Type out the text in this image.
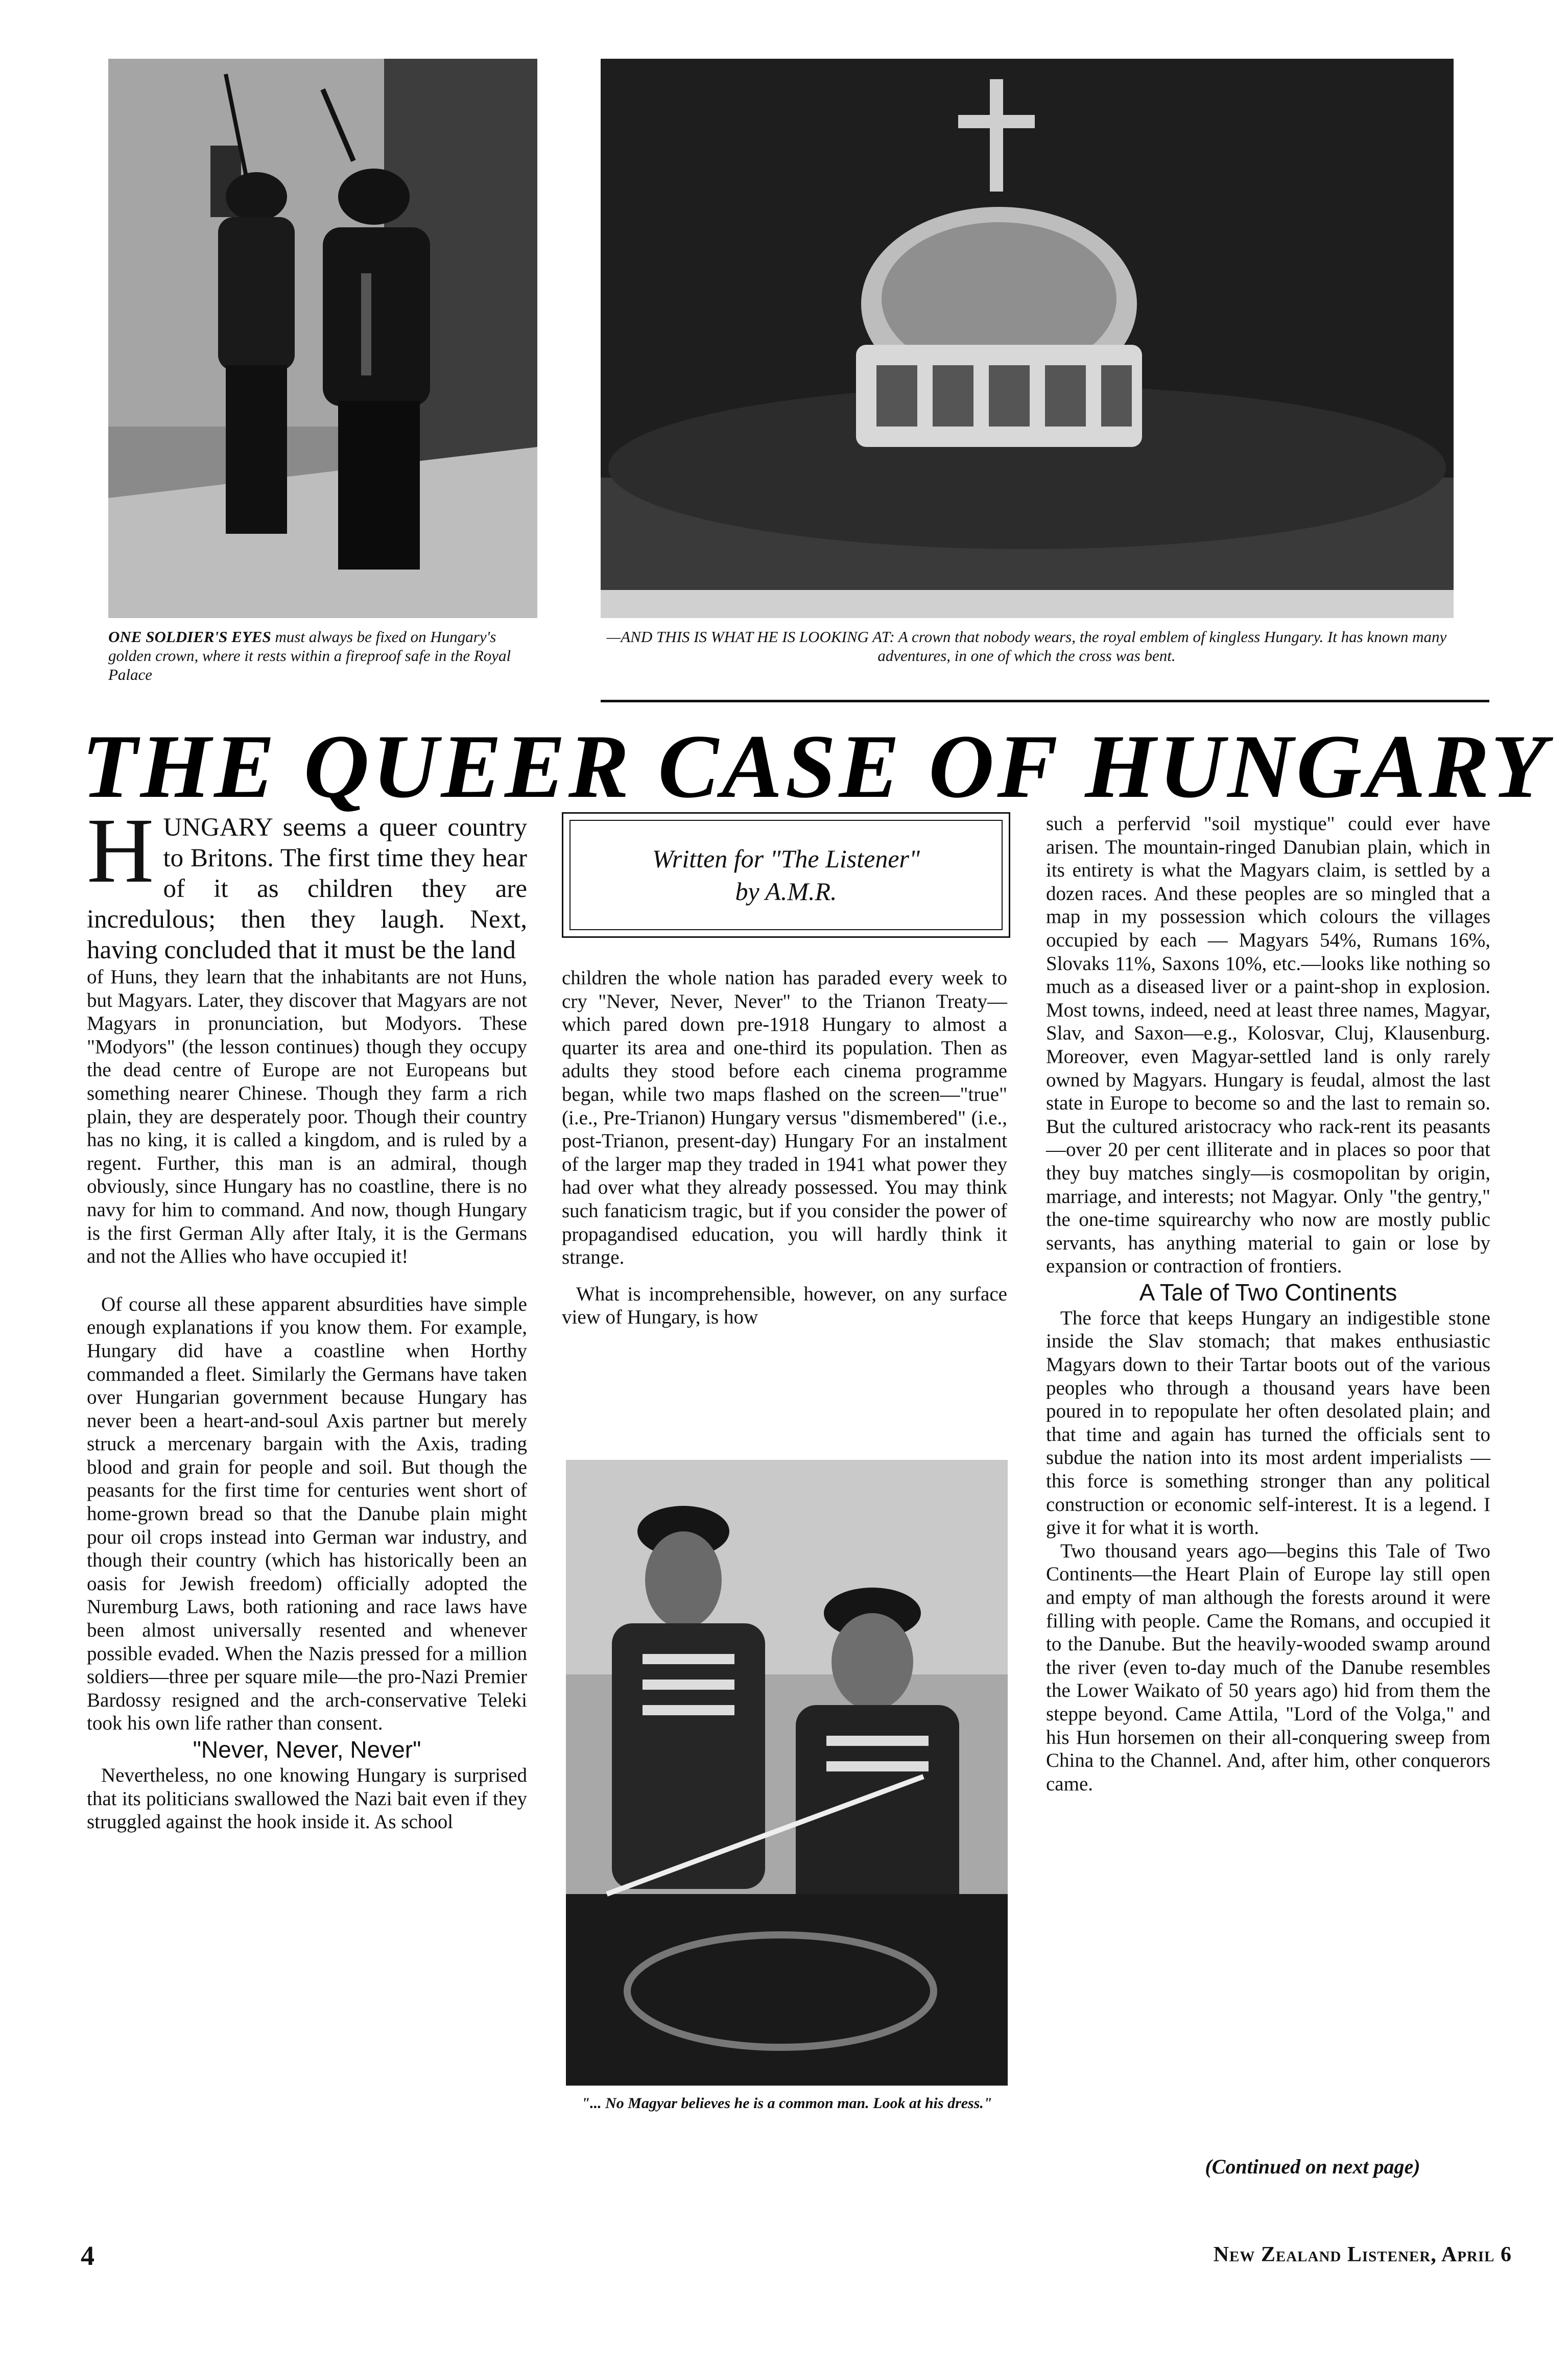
ONE SOLDIER'S EYES must always be fixed on Hungary's golden crown, where it rests within a fireproof safe in the Royal Palace
—AND THIS IS WHAT HE IS LOOKING AT: A crown that nobody wears, the royal emblem of kingless Hungary. It has known many adventures, in one of which the cross was bent.
THE QUEER CASE OF HUNGARY

HUNGARY seems a queer country to Britons. The first time they hear of it as children they are incredulous; then they laugh. Next, having concluded that it must be the land

of Huns, they learn that the inhabitants are not Huns, but Magyars. Later, they discover that Magyars are not Magyars in pronunciation, but Modyors. These "Modyors" (the lesson continues) though they occupy the dead centre of Europe are not Europeans but something nearer Chinese. Though they farm a rich plain, they are desperately poor. Though their country has no king, it is called a kingdom, and is ruled by a regent. Further, this man is an admiral, though obviously, since Hungary has no coastline, there is no navy for him to command. And now, though Hungary is the first German Ally after Italy, it is the Germans and not the Allies who have occupied it!

Of course all these apparent absurdities have simple enough explanations if you know them. For example, Hungary did have a coastline when Horthy commanded a fleet. Similarly the Germans have taken over Hungarian government because Hungary has never been a heart-and-soul Axis partner but merely struck a mercenary bargain with the Axis, trading blood and grain for people and soil. But though the peasants for the first time for centuries went short of home-grown bread so that the Danube plain might pour oil crops instead into German war industry, and though their country (which has historically been an oasis for Jewish freedom) officially adopted the Nuremburg Laws, both rationing and race laws have been almost universally resented and whenever possible evaded. When the Nazis pressed for a million soldiers—three per square mile—the pro-Nazi Premier Bardossy resigned and the arch-conservative Teleki took his own life rather than consent.

"Never, Never, Never"

Nevertheless, no one knowing Hungary is surprised that its politicians swallowed the Nazi bait even if they struggled against the hook inside it. As school

Written for "The Listener"
by A.M.R.

children the whole nation has paraded every week to cry "Never, Never, Never" to the Trianon Treaty—which pared down pre-1918 Hungary to almost a quarter its area and one-third its population. Then as adults they stood before each cinema programme began, while two maps flashed on the screen—"true" (i.e., Pre-Trianon) Hungary versus "dismembered" (i.e., post-Trianon, present-day) Hungary For an instalment of the larger map they traded in 1941 what power they had over what they already possessed. You may think such fanaticism tragic, but if you consider the power of propagandised education, you will hardly think it strange.

What is incomprehensible, however, on any surface view of Hungary, is how

"... No Magyar believes he is a common man. Look at his dress."

such a perfervid "soil mystique" could ever have arisen. The mountain-ringed Danubian plain, which in its entirety is what the Magyars claim, is settled by a dozen races. And these peoples are so mingled that a map in my possession which colours the villages occupied by each — Magyars 54%, Rumans 16%, Slovaks 11%, Saxons 10%, etc.—looks like nothing so much as a diseased liver or a paint-shop in explosion. Most towns, indeed, need at least three names, Magyar, Slav, and Saxon—e.g., Kolosvar, Cluj, Klausenburg. Moreover, even Magyar-settled land is only rarely owned by Magyars. Hungary is feudal, almost the last state in Europe to become so and the last to remain so. But the cultured aristocracy who rack-rent its peasants—over 20 per cent illiterate and in places so poor that they buy matches singly—is cosmopolitan by origin, marriage, and interests; not Magyar. Only "the gentry," the one-time squirearchy who now are mostly public servants, has anything material to gain or lose by expansion or contraction of frontiers.

A Tale of Two Continents

The force that keeps Hungary an indigestible stone inside the Slav stomach; that makes enthusiastic Magyars down to their Tartar boots out of the various peoples who through a thousand years have been poured in to repopulate her often desolated plain; and that time and again has turned the officials sent to subdue the nation into its most ardent imperialists — this force is something stronger than any political construction or economic self-interest. It is a legend. I give it for what it is worth.

Two thousand years ago—begins this Tale of Two Continents—the Heart Plain of Europe lay still open and empty of man although the forests around it were filling with people. Came the Romans, and occupied it to the Danube. But the heavily-wooded swamp around the river (even to-day much of the Danube resembles the Lower Waikato of 50 years ago) hid from them the steppe beyond. Came Attila, "Lord of the Volga," and his Hun horsemen on their all-conquering sweep from China to the Channel. And, after him, other conquerors came.

(Continued on next page)
4	New Zealand Listener, April 6
